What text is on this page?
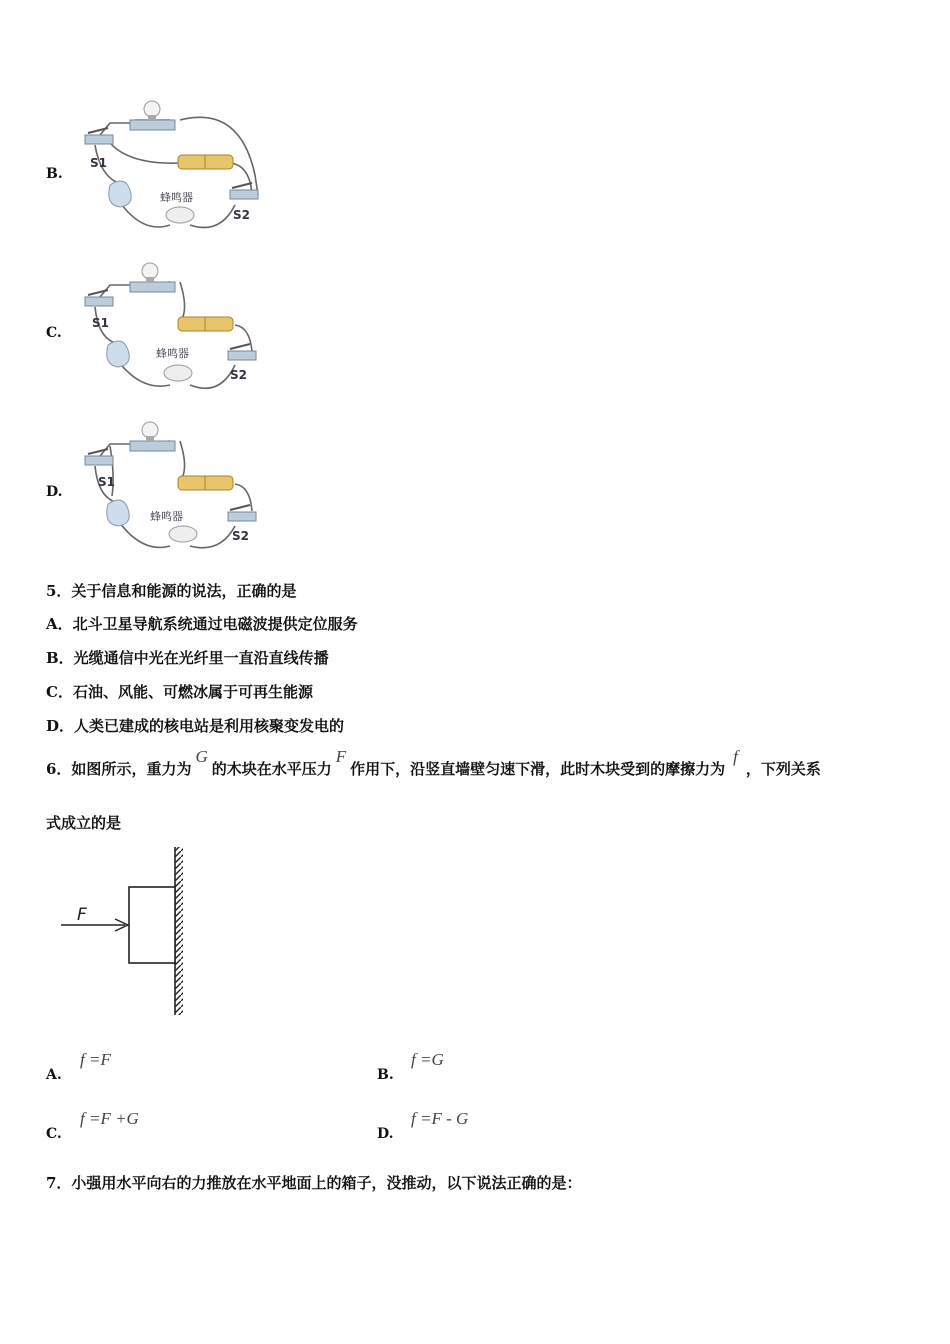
B.
S1
蜂鸣器
S2
C.
S1
蜂鸣器
S2
D.
S1
蜂鸣器
S2
5．关于信息和能源的说法，正确的是
A．北斗卫星导航系统通过电磁波提供定位服务
B．光缆通信中光在光纤里一直沿直线传播
C．石油、风能、可燃冰属于可再生能源
D．人类已建成的核电站是利用核聚变发电的
6．如图所示，重力为G的木块在水平压力F作用下，沿竖直墙壁匀速下滑，此时木块受到的摩擦力为f，下列关系
式成立的是
F
A.
f =F
B.
f =G
C.
f =F +G
D.
f =F - G
7．小强用水平向右的力推放在水平地面上的箱子，没推动，以下说法正确的是：
